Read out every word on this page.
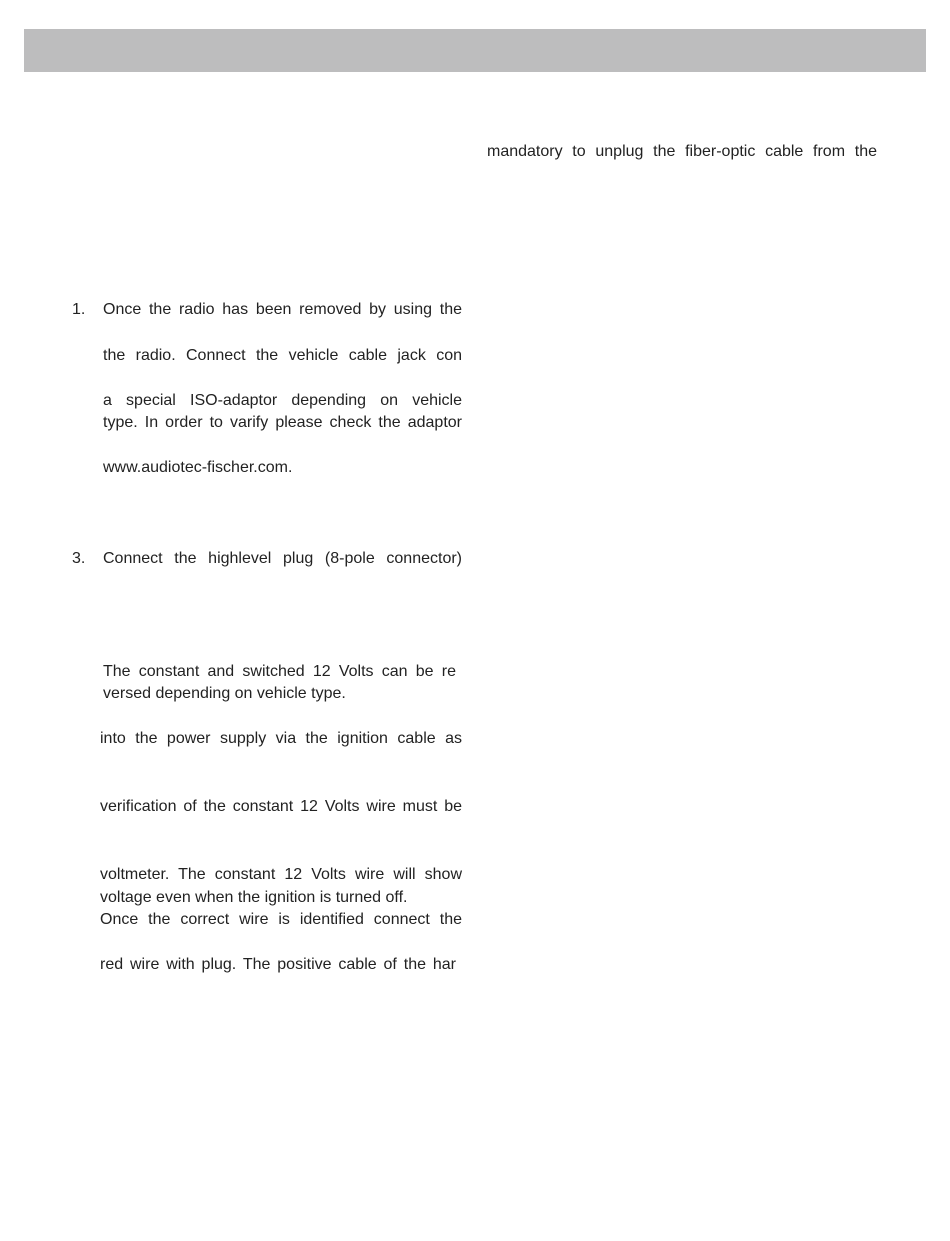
mandatory to unplug the fiber-optic cable from the
1. Once the radio has been removed by using the
the radio. Connect the vehicle cable jack con
a special ISO-adaptor depending on vehicle
type. In order to varify please check the adaptor
www.audiotec-fischer.com.
3. Connect the highlevel plug (8-pole connector)
The constant and switched 12 Volts can be re
versed depending on vehicle type.
into the power supply via the ignition cable as
verification of the constant 12 Volts wire must be
voltmeter. The constant 12 Volts wire will show
voltage even when the ignition is turned off.
Once the correct wire is identified connect the
red wire with plug. The positive cable of the har
